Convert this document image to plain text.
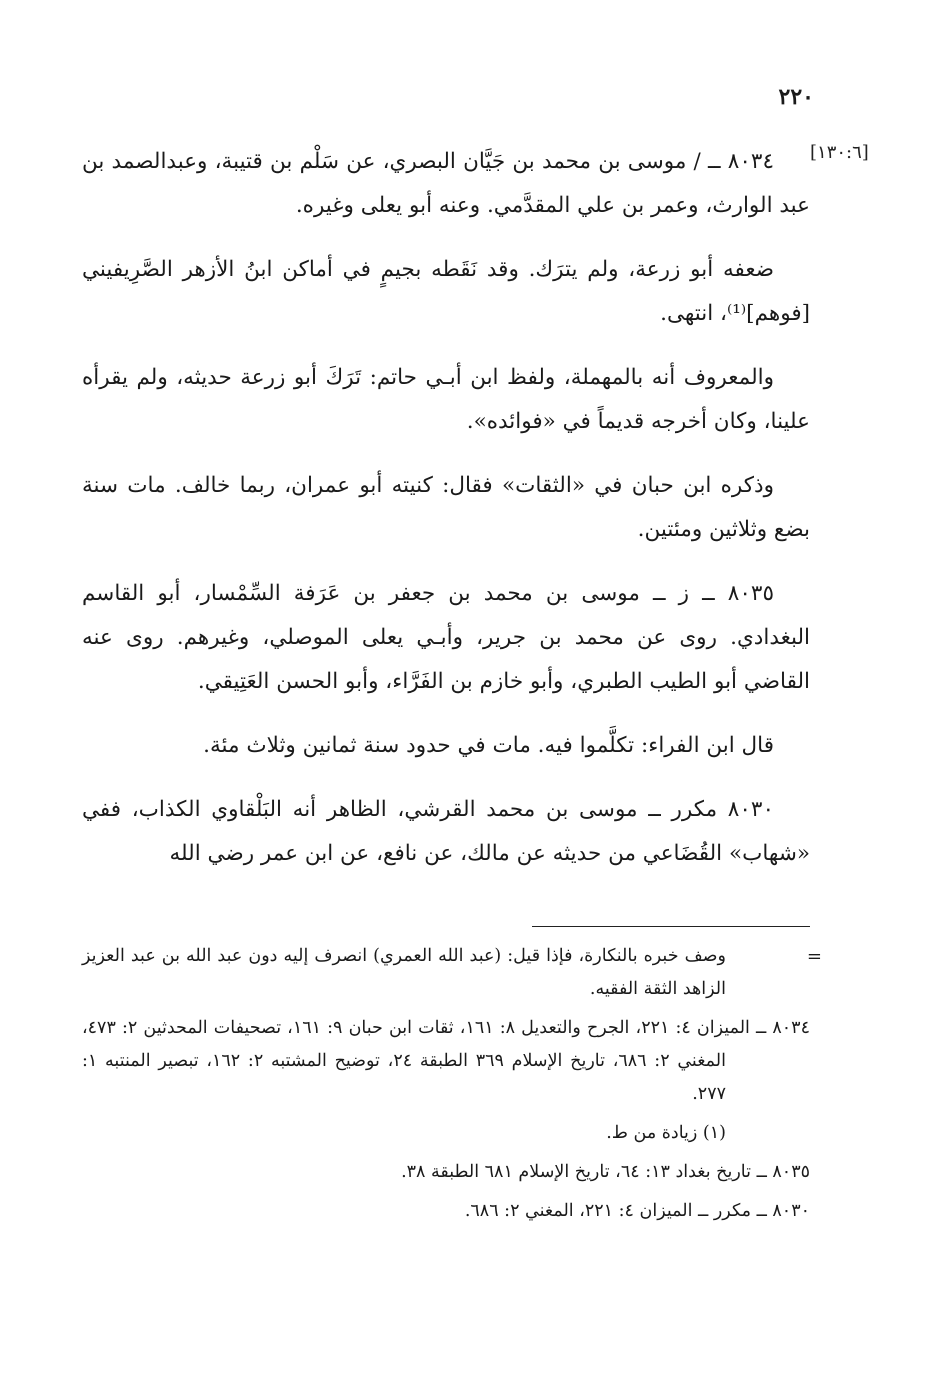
٢٢٠
[١٣٠:٦]

٨٠٣٤ ــ / موسى بن محمد بن جَيَّان البصري، عن سَلْم بن قتيبة، وعبدالصمد بن عبد الوارث، وعمر بن علي المقدَّمي. وعنه أبو يعلى وغيره.

ضعفه أبو زرعة، ولم يترَك. وقد نَقَطه بجيمٍ في أماكن ابنُ الأزهر الصَّرِيفيني [فوهم]⁽¹⁾، انتهى.

والمعروف أنه بالمهملة، ولفظ ابن أبـي حاتم: تَرَكَ أبو زرعة حديثه، ولم يقرأه علينا، وكان أخرجه قديماً في «فوائده».

وذكره ابن حبان في «الثقات» فقال: كنيته أبو عمران، ربما خالف. مات سنة بضع وثلاثين ومئتين.

٨٠٣٥ ــ ز ــ موسى بن محمد بن جعفر بن عَرَفة السِّمْسار، أبو القاسم البغدادي. روى عن محمد بن جرير، وأبـي يعلى الموصلي، وغيرهم. روى عنه القاضي أبو الطيب الطبري، وأبو خازم بن الفَرَّاء، وأبو الحسن العَتِيقي.

قال ابن الفراء: تكلَّموا فيه. مات في حدود سنة ثمانين وثلاث مئة.

٨٠٣٠ مكرر ــ موسى بن محمد القرشي، الظاهر أنه البَلْقاوي الكذاب، ففي «شهاب» القُضَاعي من حديثه عن مالك، عن نافع، عن ابن عمر رضي الله

=
وصف خبره بالنكارة، فإذا قيل: (عبد الله العمري) انصرف إليه دون عبد الله بن عبد العزيز الزاهد الثقة الفقيه.
٨٠٣٤ ــ الميزان ٤: ٢٢١، الجرح والتعديل ٨: ١٦١، ثقات ابن حبان ٩: ١٦١، تصحيفات المحدثين ٢: ٤٧٣، المغني ٢: ٦٨٦، تاريخ الإسلام ٣٦٩ الطبقة ٢٤، توضيح المشتبه ٢: ١٦٢، تبصير المنتبه ١: ٢٧٧.
(١) زيادة من ط.
٨٠٣٥ ــ تاريخ بغداد ١٣: ٦٤، تاريخ الإسلام ٦٨١ الطبقة ٣٨.
٨٠٣٠ ــ مكرر ــ الميزان ٤: ٢٢١، المغني ٢: ٦٨٦.
